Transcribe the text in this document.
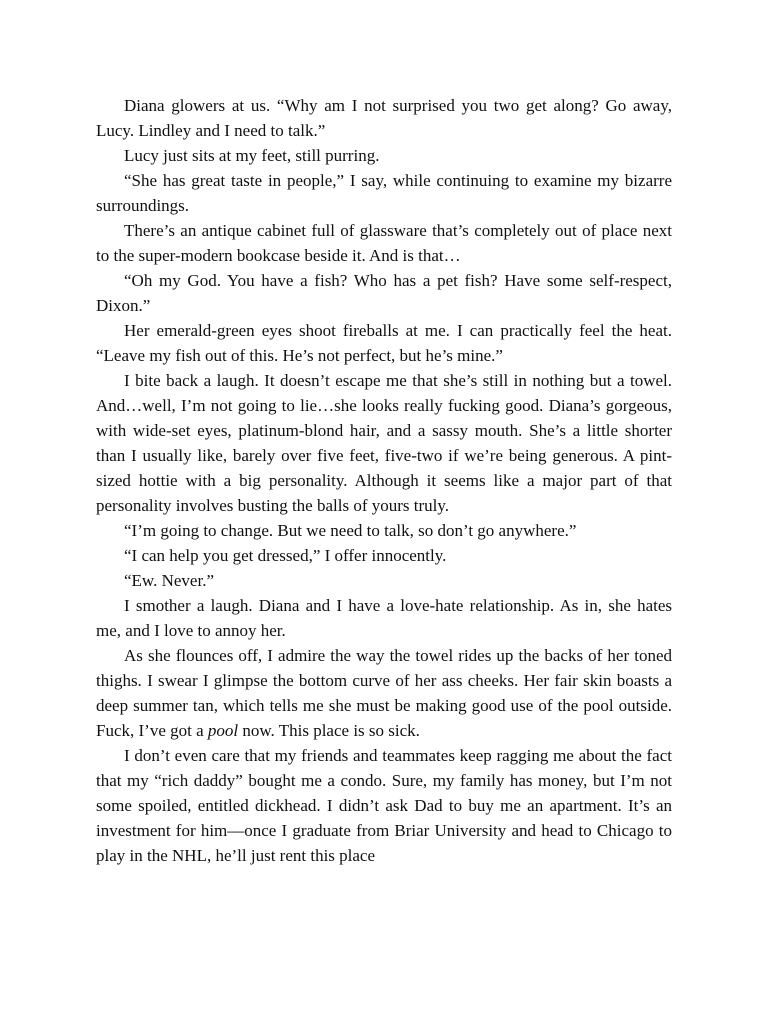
Diana glowers at us. “Why am I not surprised you two get along? Go away, Lucy. Lindley and I need to talk.”

Lucy just sits at my feet, still purring.

“She has great taste in people,” I say, while continuing to examine my bizarre surroundings.

There’s an antique cabinet full of glassware that’s completely out of place next to the super-modern bookcase beside it. And is that…

“Oh my God. You have a fish? Who has a pet fish? Have some self-respect, Dixon.”

Her emerald-green eyes shoot fireballs at me. I can practically feel the heat. “Leave my fish out of this. He’s not perfect, but he’s mine.”

I bite back a laugh. It doesn’t escape me that she’s still in nothing but a towel. And…well, I’m not going to lie…she looks really fucking good. Diana’s gorgeous, with wide-set eyes, platinum-blond hair, and a sassy mouth. She’s a little shorter than I usually like, barely over five feet, five-two if we’re being generous. A pint-sized hottie with a big personality. Although it seems like a major part of that personality involves busting the balls of yours truly.

“I’m going to change. But we need to talk, so don’t go anywhere.”

“I can help you get dressed,” I offer innocently.

“Ew. Never.”

I smother a laugh. Diana and I have a love-hate relationship. As in, she hates me, and I love to annoy her.

As she flounces off, I admire the way the towel rides up the backs of her toned thighs. I swear I glimpse the bottom curve of her ass cheeks. Her fair skin boasts a deep summer tan, which tells me she must be making good use of the pool outside. Fuck, I’ve got a pool now. This place is so sick.

I don’t even care that my friends and teammates keep ragging me about the fact that my “rich daddy” bought me a condo. Sure, my family has money, but I’m not some spoiled, entitled dickhead. I didn’t ask Dad to buy me an apartment. It’s an investment for him—once I graduate from Briar University and head to Chicago to play in the NHL, he’ll just rent this place
